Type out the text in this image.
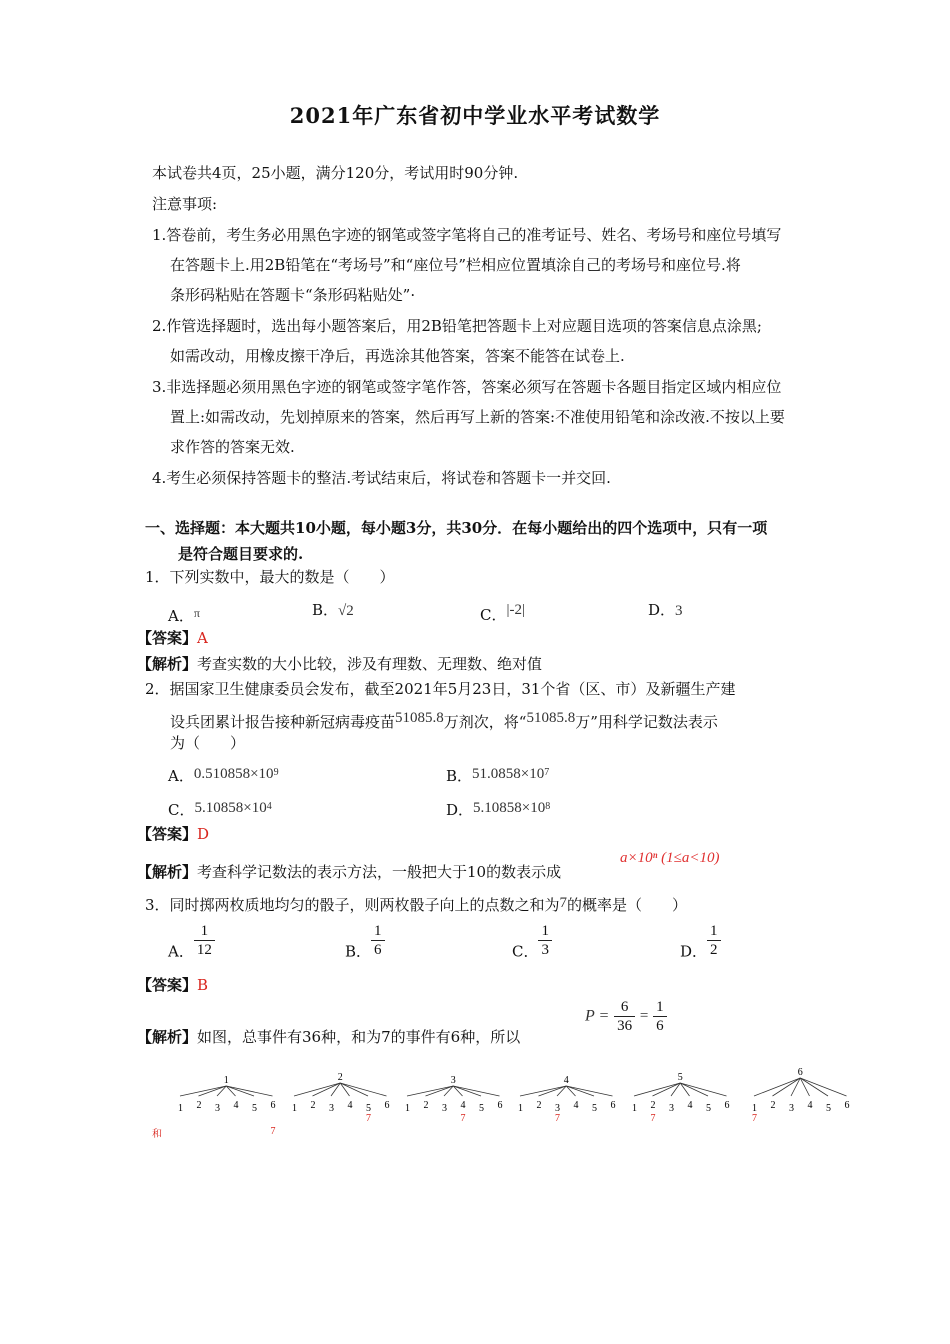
2021年广东省初中学业水平考试数学
本试卷共4页，25小题，满分120分，考试用时90分钟.
注意事项:
1.答卷前，考生务必用黑色字迹的钢笔或签字笔将自己的准考证号、姓名、考场号和座位号填写
在答题卡上.用2B铅笔在“考场号”和“座位号”栏相应位置填涂自己的考场号和座位号.将
条形码粘贴在答题卡“条形码粘贴处”·
2.作管选择题时，选出每小题答案后，用2B铅笔把答题卡上对应题目选项的答案信息点涂黑;
如需改动，用橡皮擦干净后，再选涂其他答案，答案不能答在试卷上.
3.非选择题必须用黑色字迹的钢笔或签字笔作答，答案必须写在答题卡各题目指定区域内相应位
置上:如需改动，先划掉原来的答案，然后再写上新的答案:不准使用铅笔和涂改液.不按以上要
求作答的答案无效.
4.考生必须保持答题卡的整洁.考试结束后，将试卷和答题卡一并交回.
一、选择题：本大题共10小题，每小题3分，共30分．在每小题给出的四个选项中，只有一项
是符合题目要求的.
1．下列实数中，最大的数是（　　）
A．$^\pi$	B．√2	C．|-2|	D．3
【答案】A
【解析】考查实数的大小比较，涉及有理数、无理数、绝对值
2．据国家卫生健康委员会发布，截至2021年5月23日，31个省（区、市）及新疆生产建
设兵团累计报告接种新冠病毒疫苗51085.8万剂次，将“51085.8万”用科学记数法表示
为（　　）
A．$0.510858\times 10^9$	B．$51.0858\times 10^7$
C．$5.10858\times 10^4$	D．$5.10858\times 10^8$
【答案】D
【解析】考查科学记数法的表示方法，一般把大于10的数表示成
a×10ⁿ (1≤a<10)
3．同时掷两枚质地均匀的骰子，则两枚骰子向上的点数之和为7的概率是（　　）
A． $\frac{1}{12}$	B． $\frac{1}{6}$	C． $\frac{1}{3}$	D． $\frac{1}{2}$
【答案】B
$P = \frac{6}{36} = \frac{1}{6}$
【解析】如图，总事件有36种，和为7的事件有6种，所以
1
1 2 3 4 5 6
7
2
1 2 3 4 5 6
7
3
1 2 3 4 5 6
7
4
1 2 3 4 5 6
7
5
1 2 3 4 5 6
7
6
1 2 3 4 5 6
7
和
